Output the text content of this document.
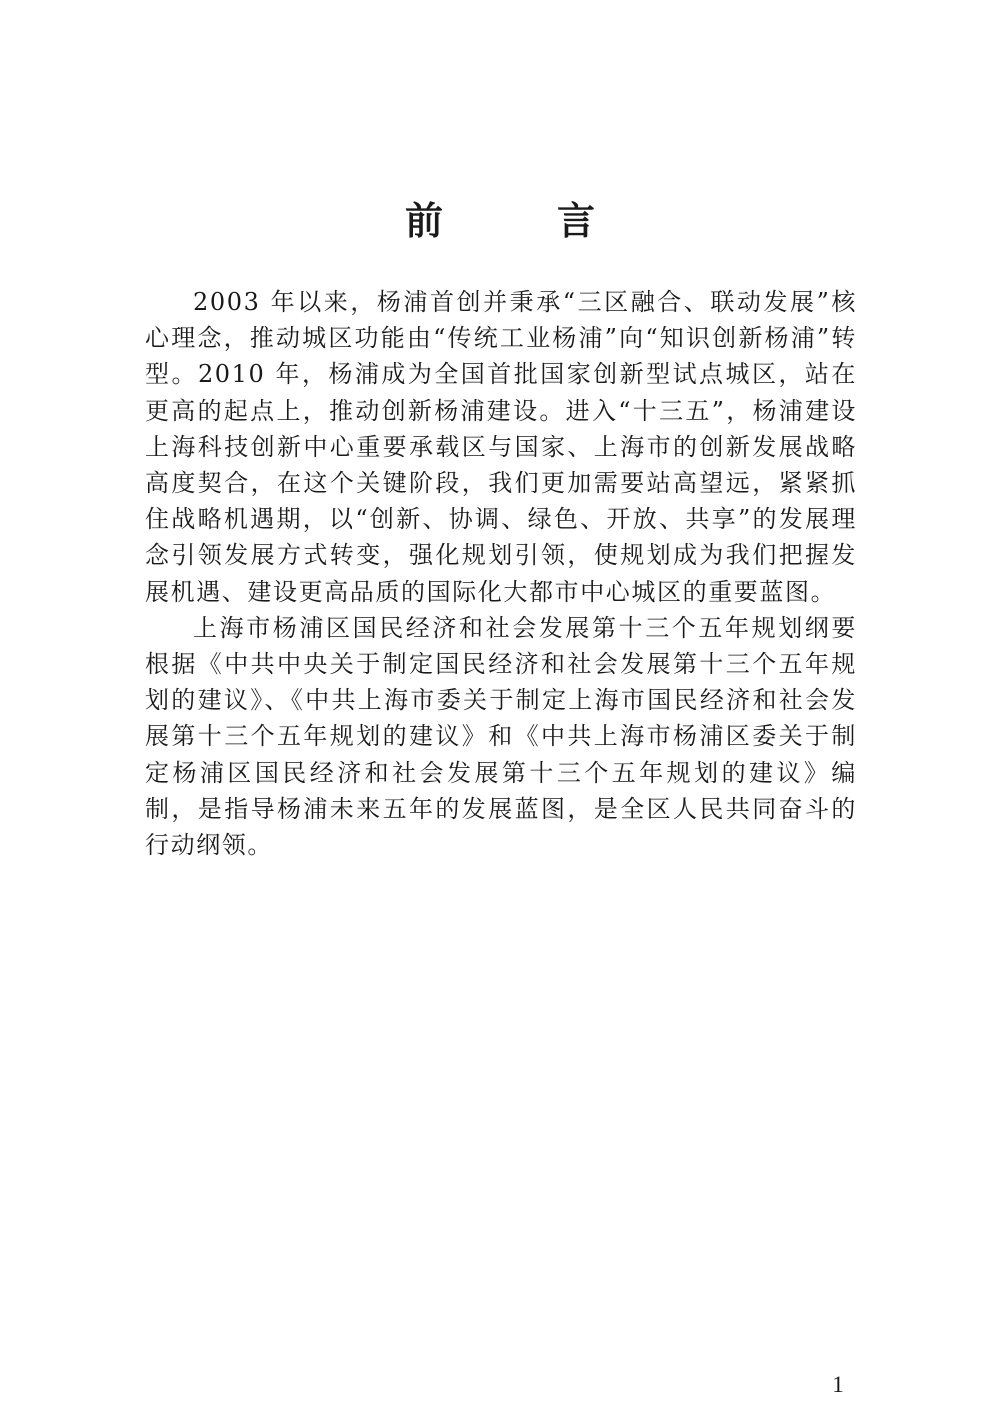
前　言

2003 年以来，杨浦首创并秉承“三区融合、联动发展”核心理念，推动城区功能由“传统工业杨浦”向“知识创新杨浦”转型。2010 年，杨浦成为全国首批国家创新型试点城区，站在更高的起点上，推动创新杨浦建设。进入“十三五”，杨浦建设上海科技创新中心重要承载区与国家、上海市的创新发展战略高度契合，在这个关键阶段，我们更加需要站高望远，紧紧抓住战略机遇期，以“创新、协调、绿色、开放、共享”的发展理念引领发展方式转变，强化规划引领，使规划成为我们把握发展机遇、建设更高品质的国际化大都市中心城区的重要蓝图。

上海市杨浦区国民经济和社会发展第十三个五年规划纲要根据《中共中央关于制定国民经济和社会发展第十三个五年规划的建议》、《中共上海市委关于制定上海市国民经济和社会发展第十三个五年规划的建议》和《中共上海市杨浦区委关于制定杨浦区国民经济和社会发展第十三个五年规划的建议》编制，是指导杨浦未来五年的发展蓝图，是全区人民共同奋斗的行动纲领。

1
